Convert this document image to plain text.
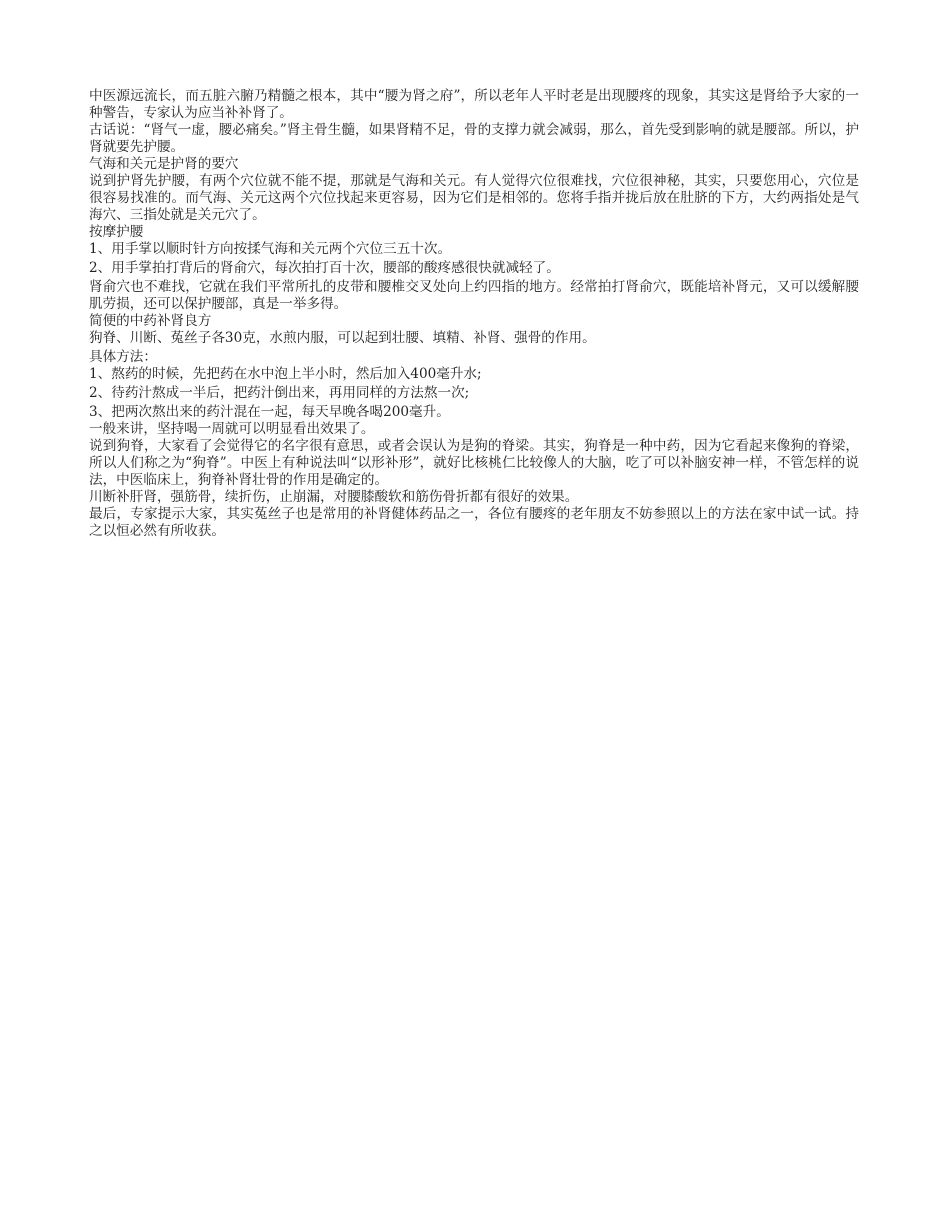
中医源远流长，而五脏六腑乃精髓之根本，其中“腰为肾之府”，所以老年人平时老是出现腰疼的现象，其实这是肾给予大家的一种警告，专家认为应当补补肾了。

古话说：“肾气一虚，腰必痛矣。”肾主骨生髓，如果肾精不足，骨的支撑力就会减弱，那么，首先受到影响的就是腰部。所以，护肾就要先护腰。

气海和关元是护肾的要穴

说到护肾先护腰，有两个穴位就不能不提，那就是气海和关元。有人觉得穴位很难找，穴位很神秘，其实，只要您用心，穴位是很容易找准的。而气海、关元这两个穴位找起来更容易，因为它们是相邻的。您将手指并拢后放在肚脐的下方，大约两指处是气海穴、三指处就是关元穴了。

按摩护腰

1、用手掌以顺时针方向按揉气海和关元两个穴位三五十次。

2、用手掌拍打背后的肾俞穴，每次拍打百十次，腰部的酸疼感很快就减轻了。

肾俞穴也不难找，它就在我们平常所扎的皮带和腰椎交叉处向上约四指的地方。经常拍打肾俞穴，既能培补肾元，又可以缓解腰肌劳损，还可以保护腰部，真是一举多得。

简便的中药补肾良方

狗脊、川断、菟丝子各30克，水煎内服，可以起到壮腰、填精、补肾、强骨的作用。

具体方法：

1、熬药的时候，先把药在水中泡上半小时，然后加入400毫升水;

2、待药汁熬成一半后，把药汁倒出来，再用同样的方法熬一次;

3、把两次熬出来的药汁混在一起，每天早晚各喝200毫升。

一般来讲，坚持喝一周就可以明显看出效果了。

说到狗脊，大家看了会觉得它的名字很有意思，或者会误认为是狗的脊梁。其实，狗脊是一种中药，因为它看起来像狗的脊梁，所以人们称之为“狗脊”。中医上有种说法叫“以形补形”，就好比核桃仁比较像人的大脑，吃了可以补脑安神一样，不管怎样的说法，中医临床上，狗脊补肾壮骨的作用是确定的。

川断补肝肾，强筋骨，续折伤，止崩漏，对腰膝酸软和筋伤骨折都有很好的效果。

最后，专家提示大家，其实菟丝子也是常用的补肾健体药品之一，各位有腰疼的老年朋友不妨参照以上的方法在家中试一试。持之以恒必然有所收获。
